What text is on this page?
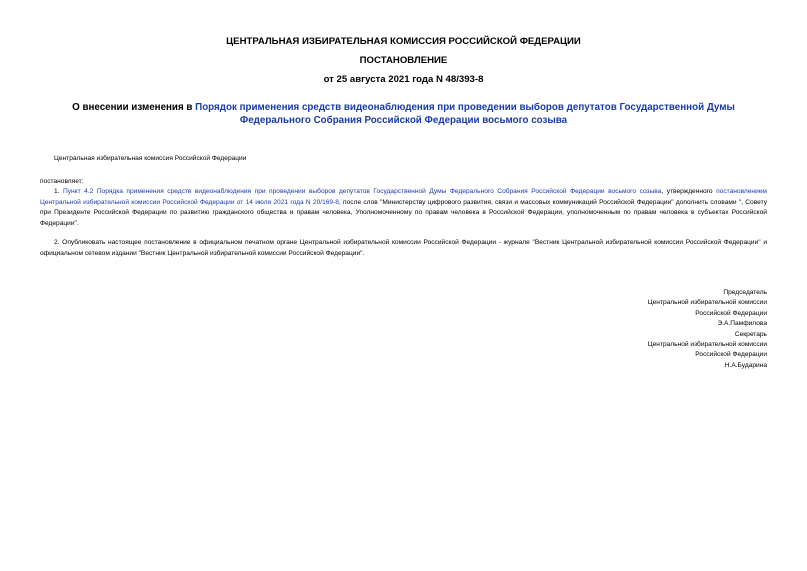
ЦЕНТРАЛЬНАЯ ИЗБИРАТЕЛЬНАЯ КОМИССИЯ РОССИЙСКОЙ ФЕДЕРАЦИИ
ПОСТАНОВЛЕНИЕ
от 25 августа 2021 года N 48/393-8
О внесении изменения в Порядок применения средств видеонаблюдения при проведении выборов депутатов Государственной Думы Федерального Собрания Российской Федерации восьмого созыва
Центральная избирательная комиссия Российской Федерации
постановляет:
1. Пункт 4.2 Порядка применения средств видеонаблюдения при проведении выборов депутатов Государственной Думы Федерального Собрания Российской Федерации восьмого созыва, утвержденного постановлением Центральной избирательной комиссии Российской Федерации от 14 июля 2021 года N 20/169-8, после слов "Министерству цифрового развития, связи и массовых коммуникаций Российской Федерации" дополнить словами ", Совету при Президенте Российской Федерации по развитию гражданского общества и правам человека, Уполномоченному по правам человека в Российской Федерации, уполномоченным по правам человека в субъектах Российской Федерации".
2. Опубликовать настоящее постановление в официальном печатном органе Центральной избирательной комиссии Российской Федерации - журнале "Вестник Центральной избирательной комиссии Российской Федерации" и официальном сетевом издании "Вестник Центральной избирательной комиссии Российской Федерации".
Председатель
Центральной избирательной комиссии
Российской Федерации
Э.А.Памфилова
Секретарь
Центральной избирательной комиссии
Российской Федерации
Н.А.Бударина
